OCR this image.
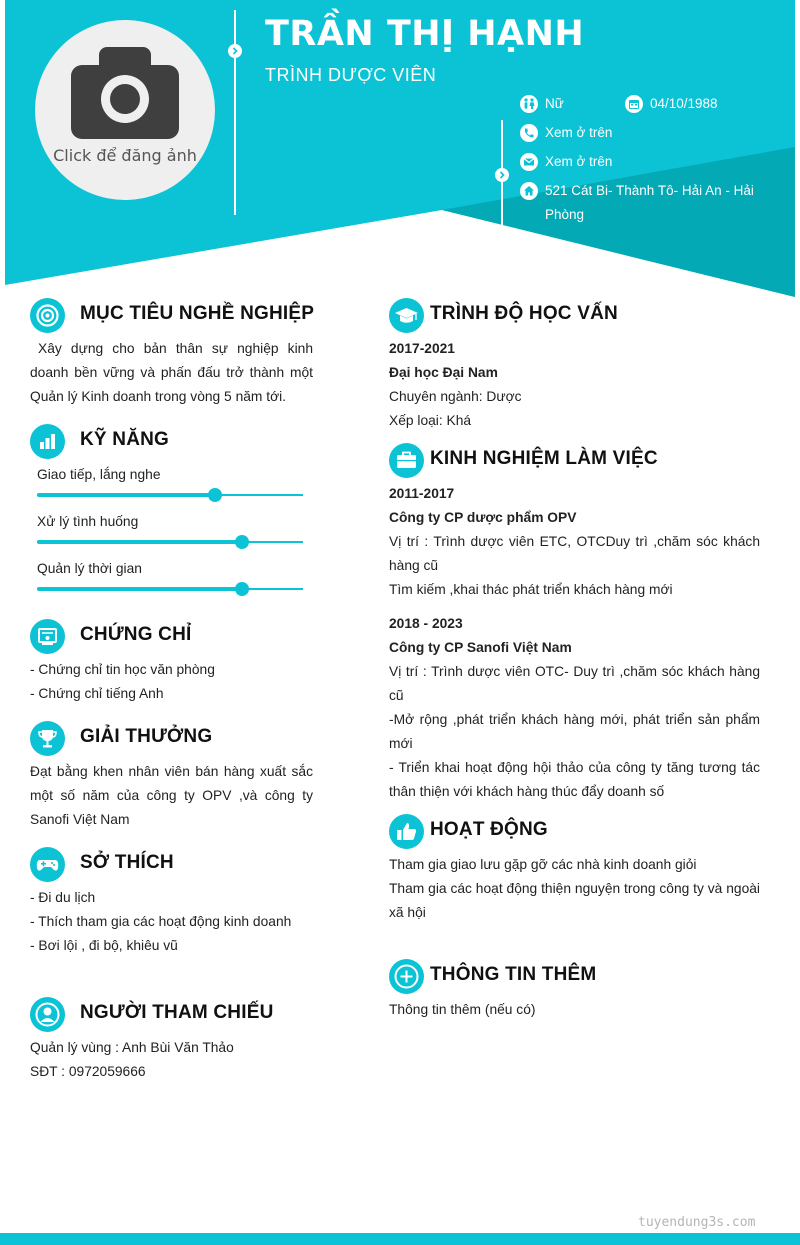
Click để đăng ảnh
TRẦN THỊ HẠNH
TRÌNH DƯỢC VIÊN
Nữ	04/10/1988
Xem ở trên
Xem ở trên
521 Cát Bi- Thành Tô- Hải An - Hải Phòng
MỤC TIÊU NGHỀ NGHIỆP
Xây dựng cho bản thân sự nghiệp kinh doanh bền vững và phấn đấu trở thành một Quản lý Kinh doanh trong vòng 5 năm tới.
KỸ NĂNG
Giao tiếp, lắng nghe
Xử lý tình huống
Quản lý thời gian
CHỨNG CHỈ
- Chứng chỉ tin học văn phòng
- Chứng chỉ tiếng Anh
GIẢI THƯỞNG
Đạt bằng khen nhân viên bán hàng xuất sắc một số năm của công ty OPV ,và công ty Sanofi Việt Nam
SỞ THÍCH
- Đi du lịch
- Thích tham gia các hoạt động kinh doanh
- Bơi lội , đi bộ, khiêu vũ
NGƯỜI THAM CHIẾU
Quản lý vùng : Anh Bùi Văn Thảo
SĐT : 0972059666
TRÌNH ĐỘ HỌC VẤN
2017-2021
Đại học Đại Nam
Chuyên ngành: Dược
Xếp loại: Khá
KINH NGHIỆM LÀM VIỆC
2011-2017
Công ty CP dược phẩm OPV
Vị trí : Trình dược viên ETC, OTCDuy trì ,chăm sóc khách hàng cũ
Tìm kiếm ,khai thác phát triển khách hàng mới
2018 - 2023
Công ty CP Sanofi Việt Nam
Vị trí : Trình dược viên OTC- Duy trì ,chăm sóc khách hàng cũ
-Mở rộng ,phát triển khách hàng mới, phát triển sản phẩm mới
- Triển khai hoạt động hội thảo của công ty tăng tương tác thân thiện với khách hàng thúc đẩy doanh số
HOẠT ĐỘNG
Tham gia giao lưu gặp gỡ các nhà kinh doanh giỏi
Tham gia các hoạt động thiện nguyện trong công ty và ngoài xã hội
THÔNG TIN THÊM
Thông tin thêm (nếu có)
tuyendung3s.com
